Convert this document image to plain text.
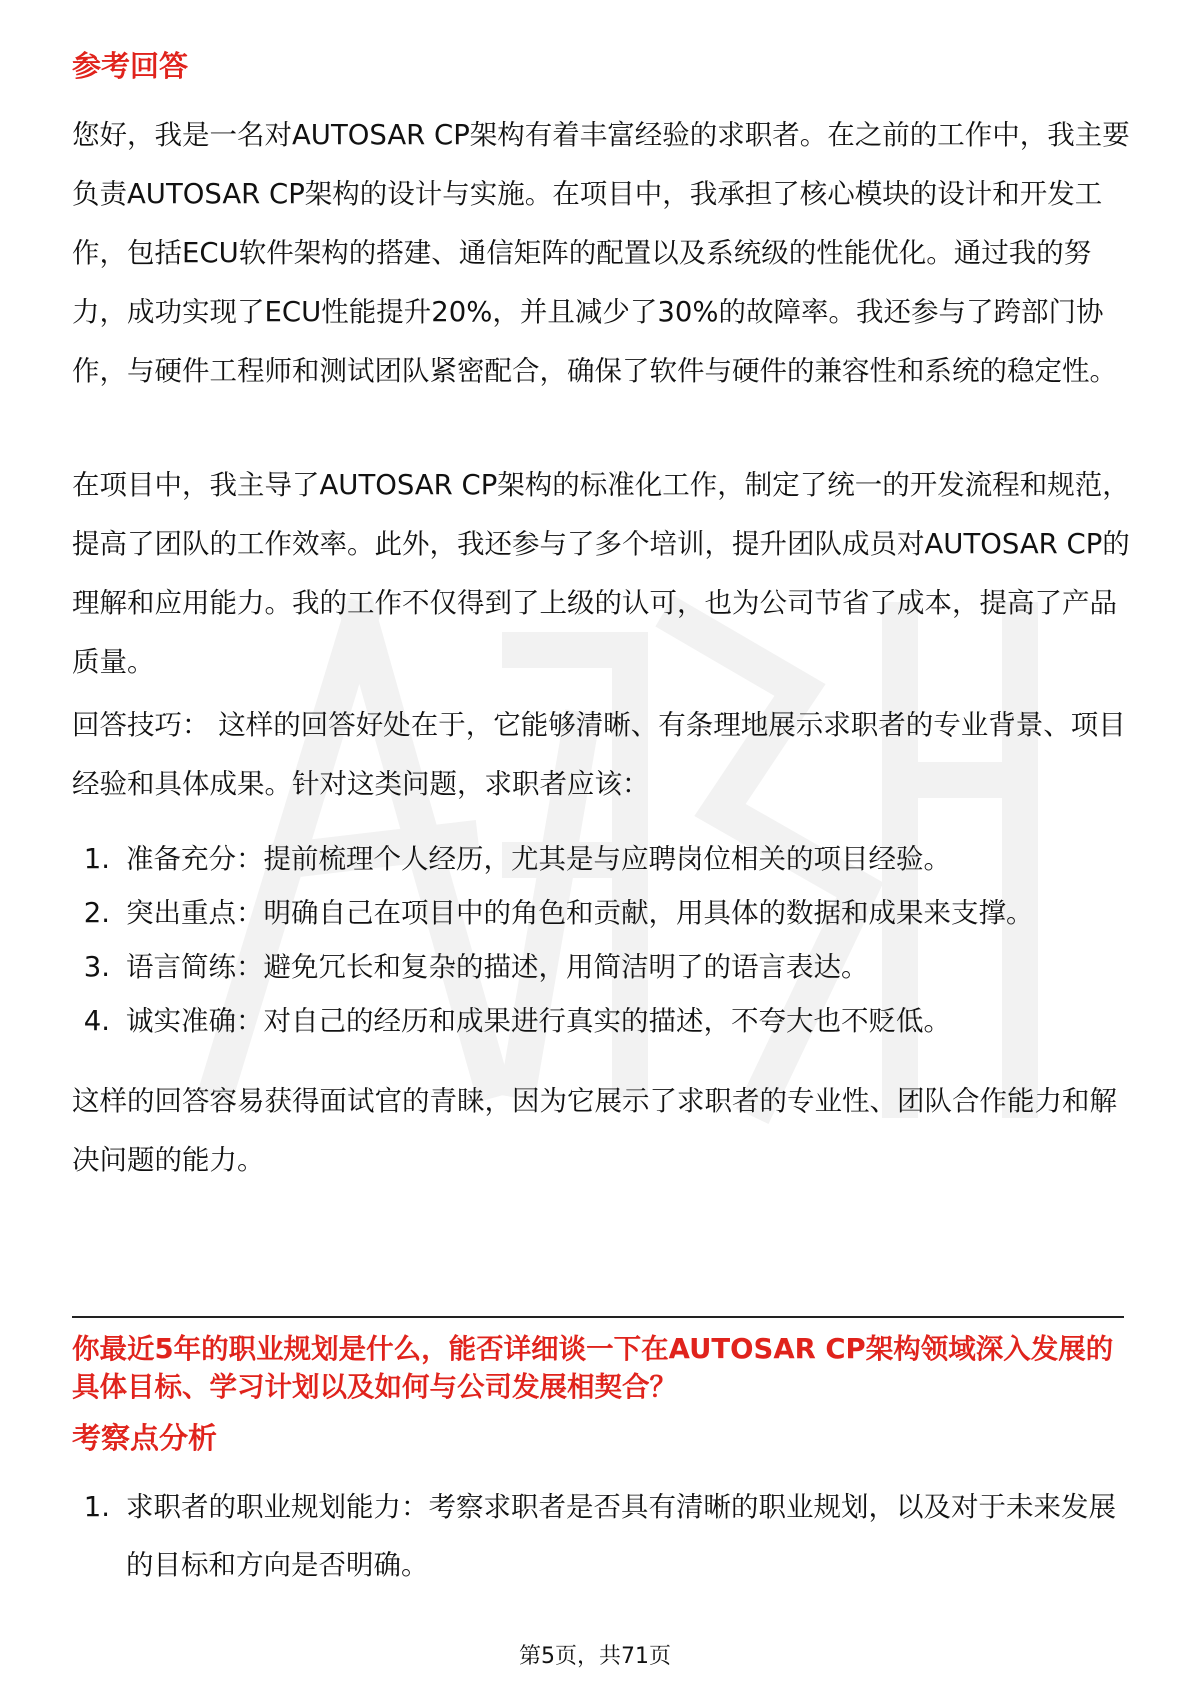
参考回答

您好，我是一名对AUTOSAR CP架构有着丰富经验的求职者。在之前的工作中，我主要负责AUTOSAR CP架构的设计与实施。在项目中，我承担了核心模块的设计和开发工作，包括ECU软件架构的搭建、通信矩阵的配置以及系统级的性能优化。通过我的努力，成功实现了ECU性能提升20%，并且减少了30%的故障率。我还参与了跨部门协作，与硬件工程师和测试团队紧密配合，确保了软件与硬件的兼容性和系统的稳定性。

在项目中，我主导了AUTOSAR CP架构的标准化工作，制定了统一的开发流程和规范，提高了团队的工作效率。此外，我还参与了多个培训，提升团队成员对AUTOSAR CP的理解和应用能力。我的工作不仅得到了上级的认可，也为公司节省了成本，提高了产品质量。

回答技巧： 这样的回答好处在于，它能够清晰、有条理地展示求职者的专业背景、项目经验和具体成果。针对这类问题，求职者应该：

1. 准备充分：提前梳理个人经历，尤其是与应聘岗位相关的项目经验。
2. 突出重点：明确自己在项目中的角色和贡献，用具体的数据和成果来支撑。
3. 语言简练：避免冗长和复杂的描述，用简洁明了的语言表达。
4. 诚实准确：对自己的经历和成果进行真实的描述，不夸大也不贬低。

这样的回答容易获得面试官的青睐，因为它展示了求职者的专业性、团队合作能力和解决问题的能力。

你最近5年的职业规划是什么，能否详细谈一下在AUTOSAR CP架构领域深入发展的具体目标、学习计划以及如何与公司发展相契合？

考察点分析
1. 求职者的职业规划能力：考察求职者是否具有清晰的职业规划，以及对于未来发展的目标和方向是否明确。
第5页，共71页
